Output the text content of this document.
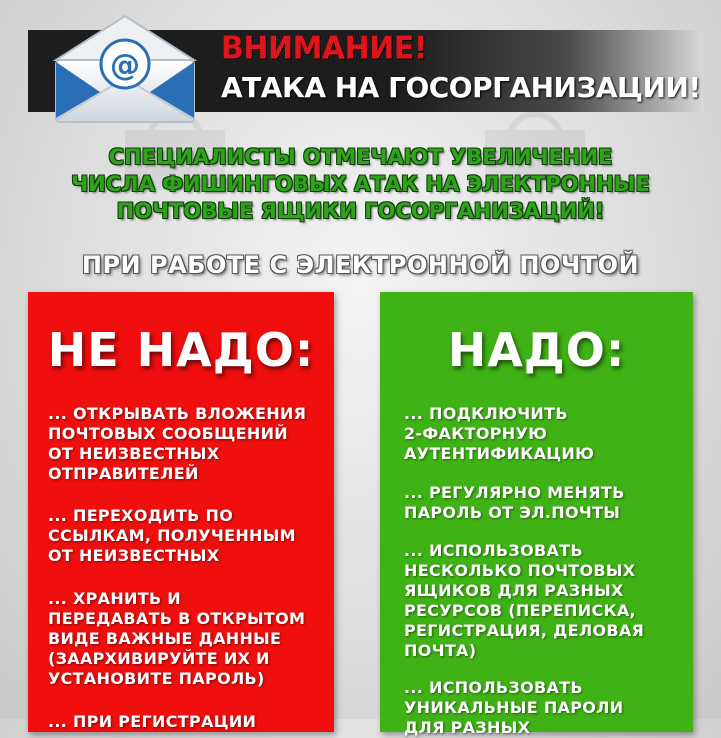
@	ВНИМАНИЕ!
АТАКА НА ГОСОРГАНИЗАЦИИ!
СПЕЦИАЛИСТЫ ОТМЕЧАЮТ УВЕЛИЧЕНИЕ
ЧИСЛА ФИШИНГОВЫХ АТАК НА ЭЛЕКТРОННЫЕ
ПОЧТОВЫЕ ЯЩИКИ ГОСОРГАНИЗАЦИЙ!
ПРИ РАБОТЕ С ЭЛЕКТРОННОЙ ПОЧТОЙ
НЕ НАДО:
... ОТКРЫВАТЬ ВЛОЖЕНИЯ
ПОЧТОВЫХ СООБЩЕНИЙ
ОТ НЕИЗВЕСТНЫХ
ОТПРАВИТЕЛЕЙ
... ПЕРЕХОДИТЬ ПО
ССЫЛКАМ, ПОЛУЧЕННЫМ
ОТ НЕИЗВЕСТНЫХ
... ХРАНИТЬ И
ПЕРЕДАВАТЬ В ОТКРЫТОМ
ВИДЕ ВАЖНЫЕ ДАННЫЕ
(ЗААРХИВИРУЙТЕ ИХ И
УСТАНОВИТЕ ПАРОЛЬ)
... ПРИ РЕГИСТРАЦИИ
НАДО:
... ПОДКЛЮЧИТЬ
2-ФАКТОРНУЮ
АУТЕНТИФИКАЦИЮ
... РЕГУЛЯРНО МЕНЯТЬ
ПАРОЛЬ ОТ ЭЛ.ПОЧТЫ
... ИСПОЛЬЗОВАТЬ
НЕСКОЛЬКО ПОЧТОВЫХ
ЯЩИКОВ ДЛЯ РАЗНЫХ
РЕСУРСОВ (ПЕРЕПИСКА,
РЕГИСТРАЦИЯ, ДЕЛОВАЯ
ПОЧТА)
... ИСПОЛЬЗОВАТЬ
УНИКАЛЬНЫЕ ПАРОЛИ
ДЛЯ РАЗНЫХ
